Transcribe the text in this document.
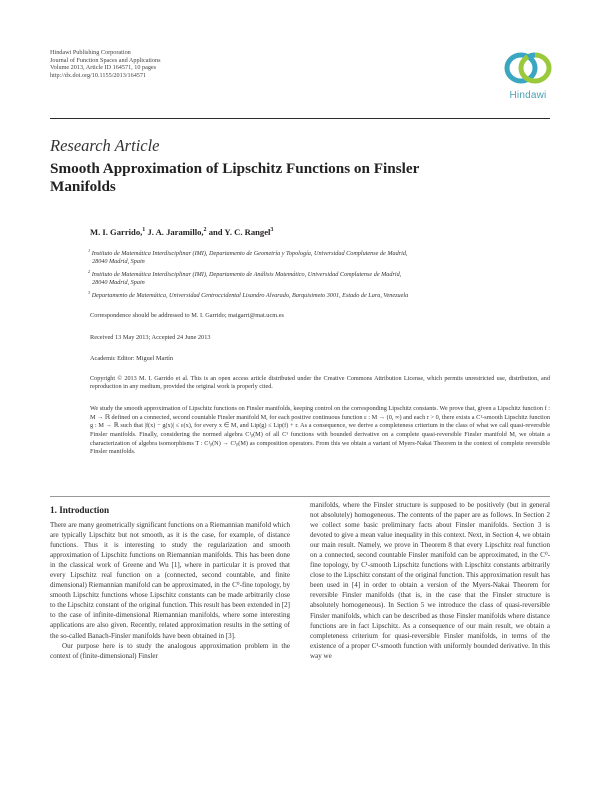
Hindawi Publishing Corporation
Journal of Function Spaces and Applications
Volume 2013, Article ID 164571, 10 pages
http://dx.doi.org/10.1155/2013/164571
Hindawi
Research Article
Smooth Approximation of Lipschitz Functions on Finsler Manifolds
M. I. Garrido,$^1$ J. A. Jaramillo,$^2$ and Y. C. Rangel$^3$
$^1$ Instituto de Matemática Interdisciplinar (IMI), Departamento de Geometría y Topología, Universidad Complutense de Madrid,
28040 Madrid, Spain
$^2$ Instituto de Matemática Interdisciplinar (IMI), Departamento de Análisis Matemático, Universidad Complutense de Madrid,
28040 Madrid, Spain
$^3$ Departamento de Matemática, Universidad Centroccidental Lisandro Alvarado, Barquisimeto 3001, Estado de Lara, Venezuela
Correspondence should be addressed to M. I. Garrido; maigarri@mat.ucm.es
Received 13 May 2013; Accepted 24 June 2013
Academic Editor: Miguel Martín
Copyright © 2013 M. I. Garrido et al. This is an open access article distributed under the Creative Commons Attribution License, which permits unrestricted use, distribution, and reproduction in any medium, provided the original work is properly cited.
We study the smooth approximation of Lipschitz functions on Finsler manifolds, keeping control on the corresponding Lipschitz constants. We prove that, given a Lipschitz function f : M → ℝ defined on a connected, second countable Finsler manifold M, for each positive continuous function ε : M → (0, ∞) and each r > 0, there exists a C¹-smooth Lipschitz function g : M → ℝ such that |f(x) − g(x)| ≤ ε(x), for every x ∈ M, and Lip(g) ≤ Lip(f) + r. As a consequence, we derive a completeness criterium in the class of what we call quasi-reversible Finsler manifolds. Finally, considering the normed algebra C¹ᵦ(M) of all C¹ functions with bounded derivative on a complete quasi-reversible Finsler manifold M, we obtain a characterization of algebra isomorphisms T : C¹ᵦ(N) → C¹ᵦ(M) as composition operators. From this we obtain a variant of Myers-Nakai Theorem in the context of complete reversible Finsler manifolds.
1. Introduction

There are many geometrically significant functions on a Riemannian manifold which are typically Lipschitz but not smooth, as it is the case, for example, of distance functions. Thus it is interesting to study the regularization and smooth approximation of Lipschitz functions on Riemannian manifolds. This has been done in the classical work of Greene and Wu [1], where in particular it is proved that every Lipschitz real function on a (connected, second countable, and finite dimensional) Riemannian manifold can be approximated, in the C⁰-fine topology, by smooth Lipschitz functions whose Lipschitz constants can be made arbitrarily close to the Lipschitz constant of the original function. This result has been extended in [2] to the case of infinite-dimensional Riemannian manifolds, where some interesting applications are also given. Recently, related approximation results in the setting of the so-called Banach-Finsler manifolds have been obtained in [3].

Our purpose here is to study the analogous approximation problem in the context of (finite-dimensional) Finsler

manifolds, where the Finsler structure is supposed to be positively (but in general not absolutely) homogeneous. The contents of the paper are as follows. In Section 2 we collect some basic preliminary facts about Finsler manifolds. Section 3 is devoted to give a mean value inequality in this context. Next, in Section 4, we obtain our main result. Namely, we prove in Theorem 8 that every Lipschitz real function on a connected, second countable Finsler manifold can be approximated, in the C⁰-fine topology, by C¹-smooth Lipschitz functions with Lipschitz constants arbitrarily close to the Lipschitz constant of the original function. This approximation result has been used in [4] in order to obtain a version of the Myers-Nakai Theorem for reversible Finsler manifolds (that is, in the case that the Finsler structure is absolutely homogeneous). In Section 5 we introduce the class of quasi-reversible Finsler manifolds, which can be described as those Finsler manifolds where distance functions are in fact Lipschitz. As a consequence of our main result, we obtain a completeness criterium for quasi-reversible Finsler manifolds, in terms of the existence of a proper C¹-smooth function with uniformly bounded derivative. In this way we
